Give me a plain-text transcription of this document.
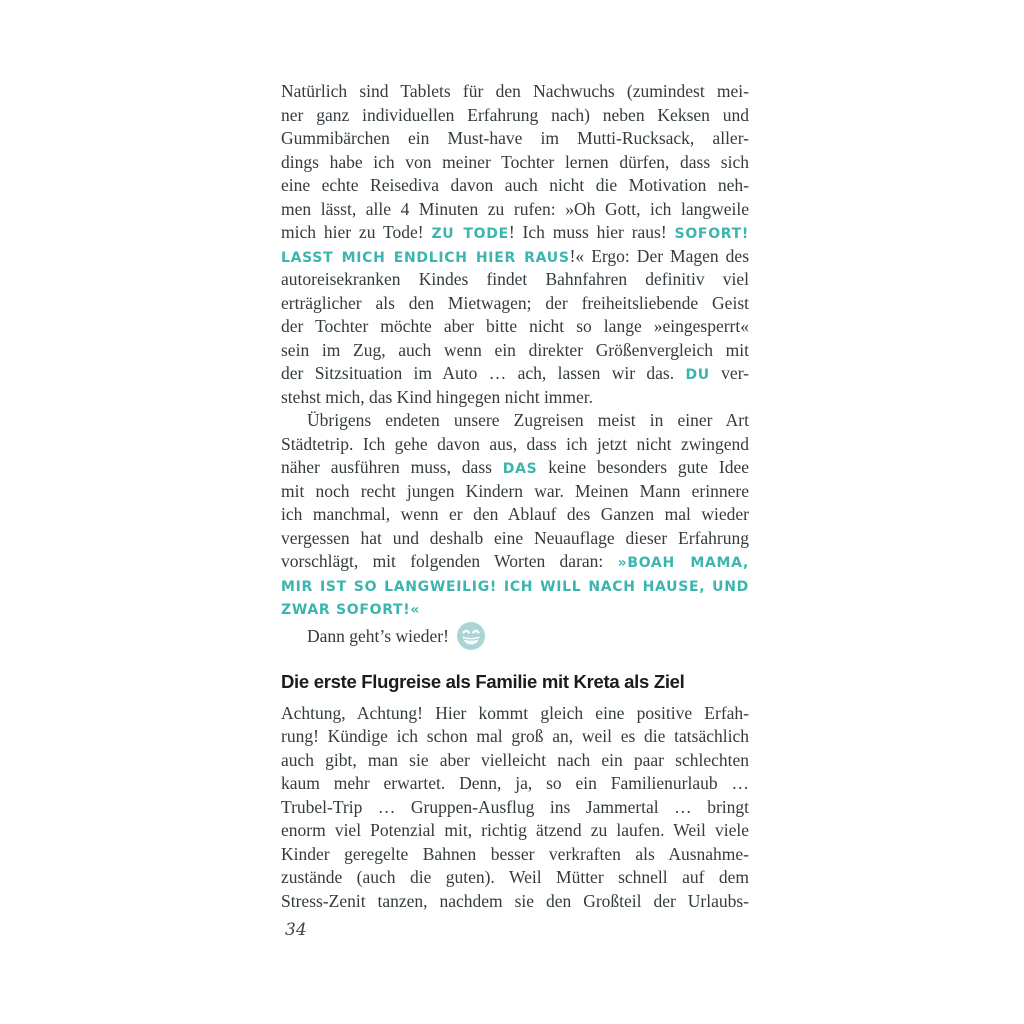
Natürlich sind Tablets für den Nachwuchs (zumindest mei-
ner ganz individuellen Erfahrung nach) neben Keksen und
Gummibärchen ein Must-have im Mutti-Rucksack, aller-
dings habe ich von meiner Tochter lernen dürfen, dass sich
eine echte Reisediva davon auch nicht die Motivation neh-
men lässt, alle 4 Minuten zu rufen: »Oh Gott, ich langweile
mich hier zu Tode! ZU TODE! Ich muss hier raus! SOFORT!
LASST MICH ENDLICH HIER RAUS!« Ergo: Der Magen des
autoreisekranken Kindes findet Bahnfahren definitiv viel
erträglicher als den Mietwagen; der freiheitsliebende Geist
der Tochter möchte aber bitte nicht so lange »eingesperrt«
sein im Zug, auch wenn ein direkter Größenvergleich mit
der Sitzsituation im Auto … ach, lassen wir das. DU ver-
stehst mich, das Kind hingegen nicht immer.
Übrigens endeten unsere Zugreisen meist in einer Art
Städtetrip. Ich gehe davon aus, dass ich jetzt nicht zwingend
näher ausführen muss, dass DAS keine besonders gute Idee
mit noch recht jungen Kindern war. Meinen Mann erinnere
ich manchmal, wenn er den Ablauf des Ganzen mal wieder
vergessen hat und deshalb eine Neuauflage dieser Erfahrung
vorschlägt, mit folgenden Worten daran: »BOAH MAMA,
MIR IST SO LANGWEILIG! ICH WILL NACH HAUSE, UND
ZWAR SOFORT!«
Dann geht’s wieder!
Die erste Flugreise als Familie mit Kreta als Ziel
Achtung, Achtung! Hier kommt gleich eine positive Erfah-
rung! Kündige ich schon mal groß an, weil es die tatsächlich
auch gibt, man sie aber vielleicht nach ein paar schlechten
kaum mehr erwartet. Denn, ja, so ein Familienurlaub …
Trubel-Trip … Gruppen-Ausflug ins Jammertal … bringt
enorm viel Potenzial mit, richtig ätzend zu laufen. Weil viele
Kinder geregelte Bahnen besser verkraften als Ausnahme-
zustände (auch die guten). Weil Mütter schnell auf dem
Stress-Zenit tanzen, nachdem sie den Großteil der Urlaubs-
34
